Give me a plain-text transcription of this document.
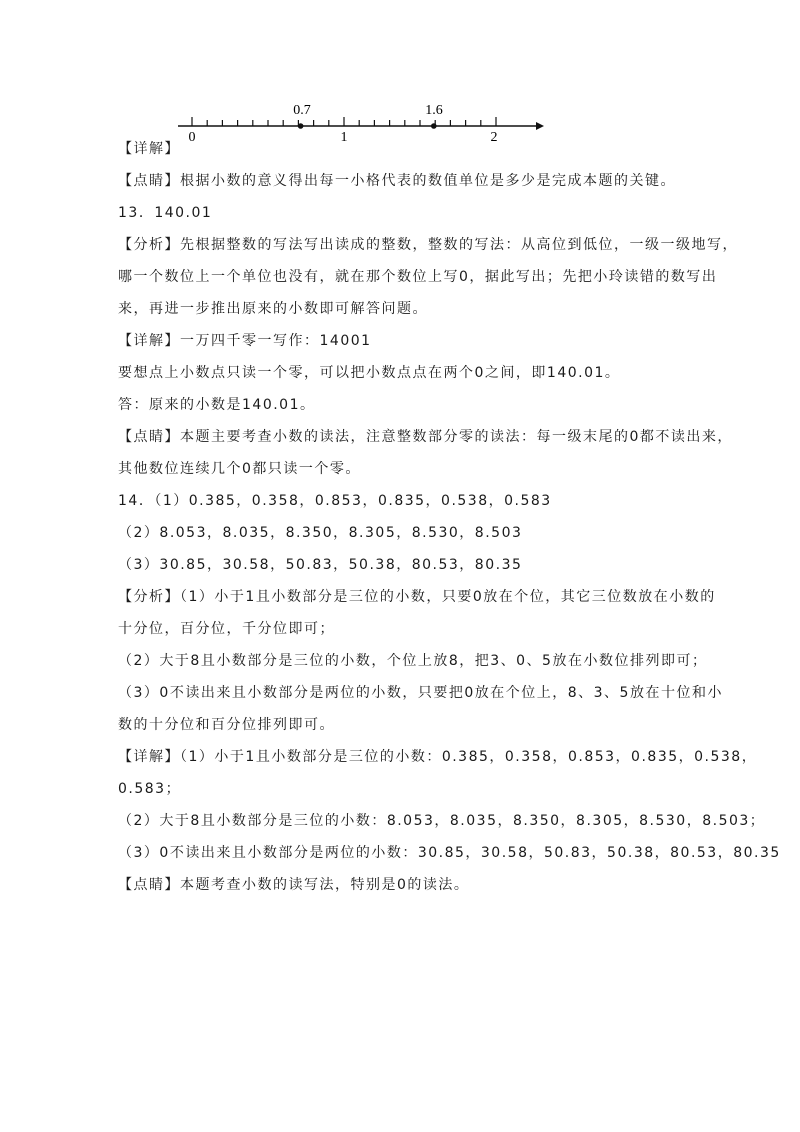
0	1	2
0.7	1.6
【详解】
【点睛】根据小数的意义得出每一小格代表的数值单位是多少是完成本题的关键。
13．140.01
【分析】先根据整数的写法写出读成的整数，整数的写法：从高位到低位，一级一级地写，
哪一个数位上一个单位也没有，就在那个数位上写0，据此写出；先把小玲读错的数写出
来，再进一步推出原来的小数即可解答问题。
【详解】一万四千零一写作：14001
要想点上小数点只读一个零，可以把小数点点在两个0之间，即140.01。
答：原来的小数是140.01。
【点睛】本题主要考查小数的读法，注意整数部分零的读法：每一级末尾的0都不读出来，
其他数位连续几个0都只读一个零。
14．（1）0.385，0.358，0.853，0.835，0.538，0.583
（2）8.053，8.035，8.350，8.305，8.530，8.503
（3）30.85，30.58，50.83，50.38，80.53，80.35
【分析】（1）小于1且小数部分是三位的小数，只要0放在个位，其它三位数放在小数的
十分位，百分位，千分位即可；
（2）大于8且小数部分是三位的小数，个位上放8，把3、0、5放在小数位排列即可；
（3）0不读出来且小数部分是两位的小数，只要把0放在个位上，8、3、5放在十位和小
数的十分位和百分位排列即可。
【详解】（1）小于1且小数部分是三位的小数：0.385，0.358，0.853，0.835，0.538，
0.583；
（2）大于8且小数部分是三位的小数：8.053，8.035，8.350，8.305，8.530，8.503；
（3）0不读出来且小数部分是两位的小数：30.85，30.58，50.83，50.38，80.53，80.35
【点睛】本题考查小数的读写法，特别是0的读法。
